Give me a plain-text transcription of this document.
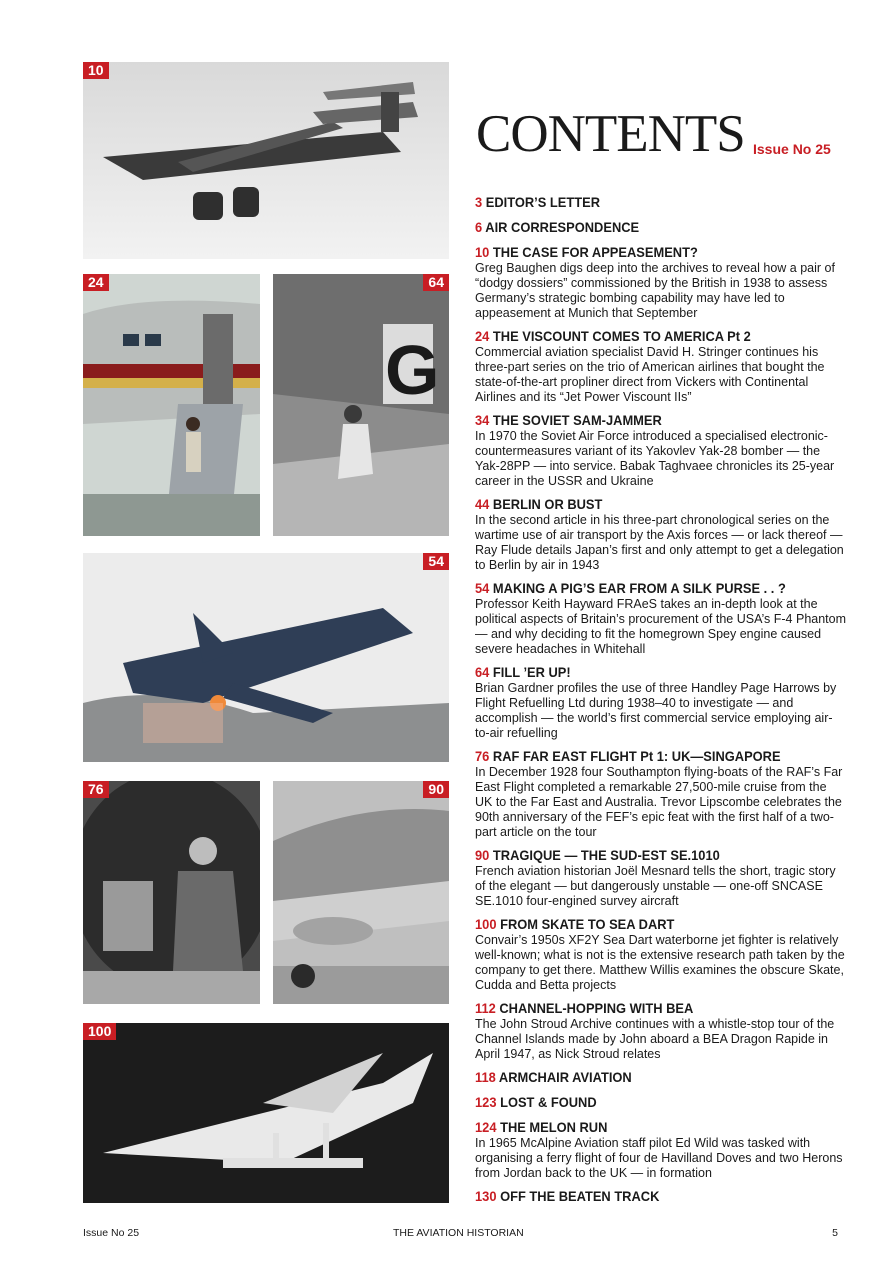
10
24	64
G
54
76	90
100
CONTENTS Issue No 25
3 EDITOR’S LETTER
6 AIR CORRESPONDENCE
10 THE CASE FOR APPEASEMENT?
Greg Baughen digs deep into the archives to reveal how a pair of “dodgy dossiers” commissioned by the British in 1938 to assess Germany’s strategic bombing capability may have led to appeasement at Munich that September
24 THE VISCOUNT COMES TO AMERICA Pt 2
Commercial aviation specialist David H. Stringer continues his three-part series on the trio of American airlines that bought the state-of-the-art propliner direct from Vickers with Continental Airlines and its “Jet Power Viscount IIs”
34 THE SOVIET SAM-JAMMER
In 1970 the Soviet Air Force introduced a specialised electronic-countermeasures variant of its Yakovlev Yak-28 bomber — the Yak-28PP — into service. Babak Taghvaee chronicles its 25-year career in the USSR and Ukraine
44 BERLIN OR BUST
In the second article in his three-part chronological series on the wartime use of air transport by the Axis forces — or lack thereof — Ray Flude details Japan’s first and only attempt to get a delegation to Berlin by air in 1943
54 MAKING A PIG’S EAR FROM A SILK PURSE . . ?
Professor Keith Hayward FRAeS takes an in-depth look at the political aspects of Britain’s procurement of the USA’s F-4 Phantom — and why deciding to fit the homegrown Spey engine caused severe headaches in Whitehall
64 FILL ’ER UP!
Brian Gardner profiles the use of three Handley Page Harrows by Flight Refuelling Ltd during 1938–40 to investigate — and accomplish — the world’s first commercial service employing air-to-air refuelling
76 RAF FAR EAST FLIGHT Pt 1: UK—SINGAPORE
In December 1928 four Southampton flying-boats of the RAF’s Far East Flight completed a remarkable 27,500-mile cruise from the UK to the Far East and Australia. Trevor Lipscombe celebrates the 90th anniversary of the FEF’s epic feat with the first half of a two-part article on the tour
90 TRAGIQUE — THE SUD-EST SE.1010
French aviation historian Joël Mesnard tells the short, tragic story of the elegant — but dangerously unstable — one-off SNCASE SE.1010 four-engined survey aircraft
100 FROM SKATE TO SEA DART
Convair’s 1950s XF2Y Sea Dart waterborne jet fighter is relatively well-known; what is not is the extensive research path taken by the company to get there. Matthew Willis examines the obscure Skate, Cudda and Betta projects
112 CHANNEL-HOPPING WITH BEA
The John Stroud Archive continues with a whistle-stop tour of the Channel Islands made by John aboard a BEA Dragon Rapide in April 1947, as Nick Stroud relates
118 ARMCHAIR AVIATION
123 LOST & FOUND
124 THE MELON RUN
In 1965 McAlpine Aviation staff pilot Ed Wild was tasked with organising a ferry flight of four de Havilland Doves and two Herons from Jordan back to the UK — in formation
130 OFF THE BEATEN TRACK
Issue No 25	THE AVIATION HISTORIAN	5
